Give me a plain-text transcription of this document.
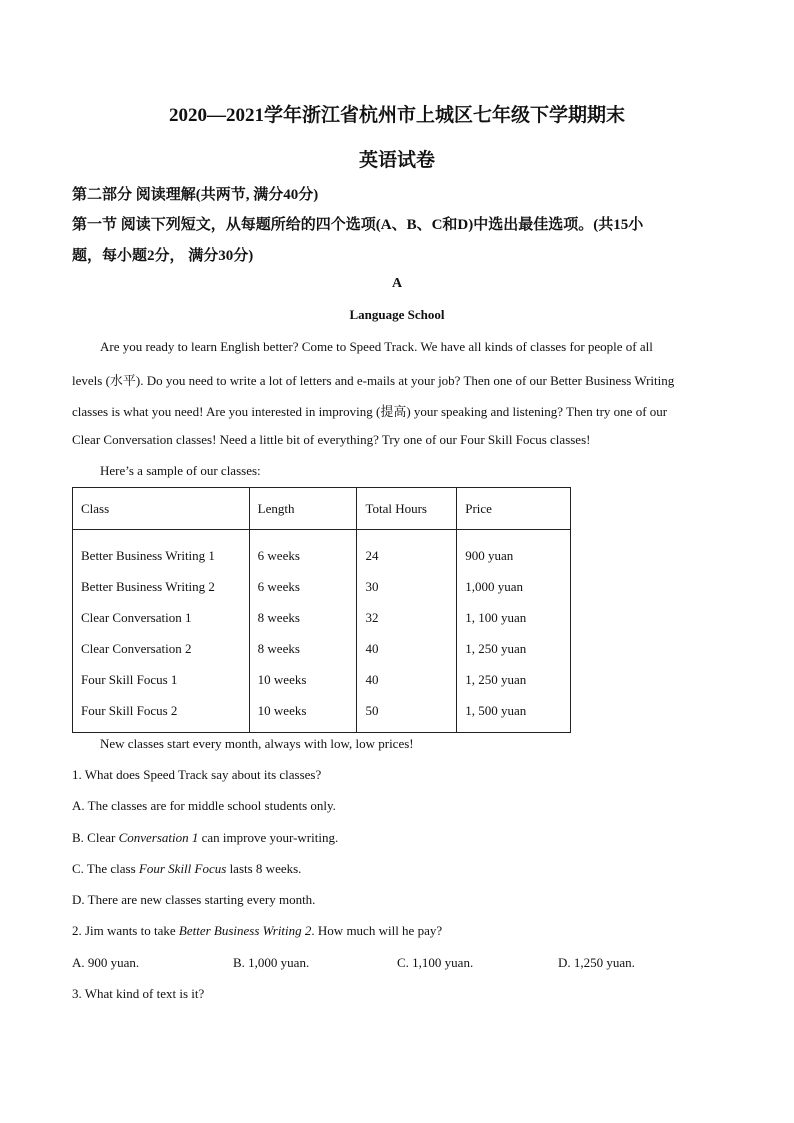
2020—2021学年浙江省杭州市上城区七年级下学期期末
英语试卷
第二部分 阅读理解(共两节, 满分40分)
第一节 阅读下列短文，从每题所给的四个选项(A、B、C和D)中选出最佳选项。(共15小
题，每小题2分， 满分30分)
A
Language School
Are you ready to learn English better? Come to Speed Track. We have all kinds of classes for people of all
levels (水平). Do you need to write a lot of letters and e-mails at your job? Then one of our Better Business Writing
classes is what you need! Are you interested in improving (提高) your speaking and listening? Then try one of our
Clear Conversation classes! Need a little bit of everything? Try one of our Four Skill Focus classes!
Here’s a sample of our classes:
Class	Length	Total Hours	Price
Better Business Writing 1	6 weeks	24	900 yuan
Better Business Writing 2	6 weeks	30	1,000 yuan
Clear Conversation 1	8 weeks	32	1, 100 yuan
Clear Conversation 2	8 weeks	40	1, 250 yuan
Four Skill Focus 1	10 weeks	40	1, 250 yuan
Four Skill Focus 2	10 weeks	50	1, 500 yuan
New classes start every month, always with low, low prices!
1. What does Speed Track say about its classes?
A. The classes are for middle school students only.
B. Clear Conversation 1 can improve your-writing.
C. The class Four Skill Focus lasts 8 weeks.
D. There are new classes starting every month.
2. Jim wants to take Better Business Writing 2. How much will he pay?
A. 900 yuan.	B. 1,000 yuan.	C. 1,100 yuan.	D. 1,250 yuan.
3. What kind of text is it?
